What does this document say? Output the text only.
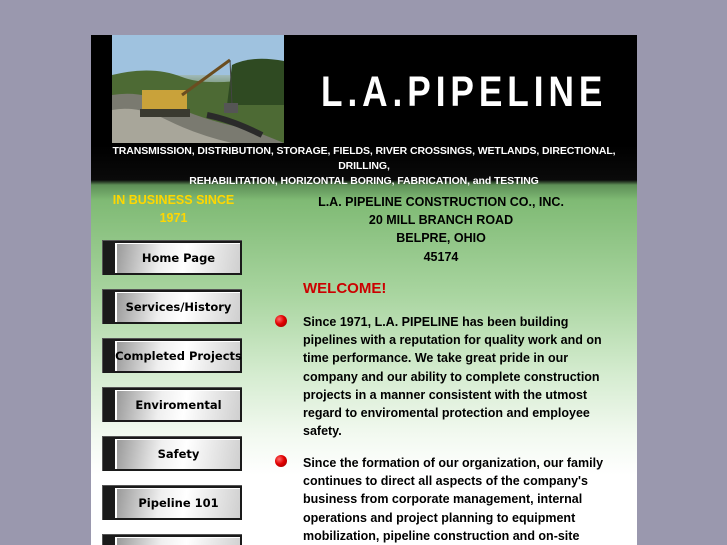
L.A.PIPELINE
TRANSMISSION, DISTRIBUTION, STORAGE, FIELDS, RIVER CROSSINGS, WETLANDS, DIRECTIONAL, DRILLING,
REHABILITATION, HORIZONTAL BORING, FABRICATION, and TESTING
IN BUSINESS SINCE
1971
Home Page
Services/History
Completed Projects
Enviromental
Safety
Pipeline 101
L.A. PIPELINE CONSTRUCTION CO., INC.
20 MILL BRANCH ROAD
BELPRE, OHIO
45174
WELCOME!
Since 1971, L.A. PIPELINE has been building
pipelines with a reputation for quality work and on
time performance. We take great pride in our
company and our ability to complete construction
projects in a manner consistent with the utmost
regard to enviromental protection and employee
safety.
Since the formation of our organization, our family
continues to direct all aspects of the company's
business from corporate management, internal
operations and project planning to equipment
mobilization, pipeline construction and on-site
